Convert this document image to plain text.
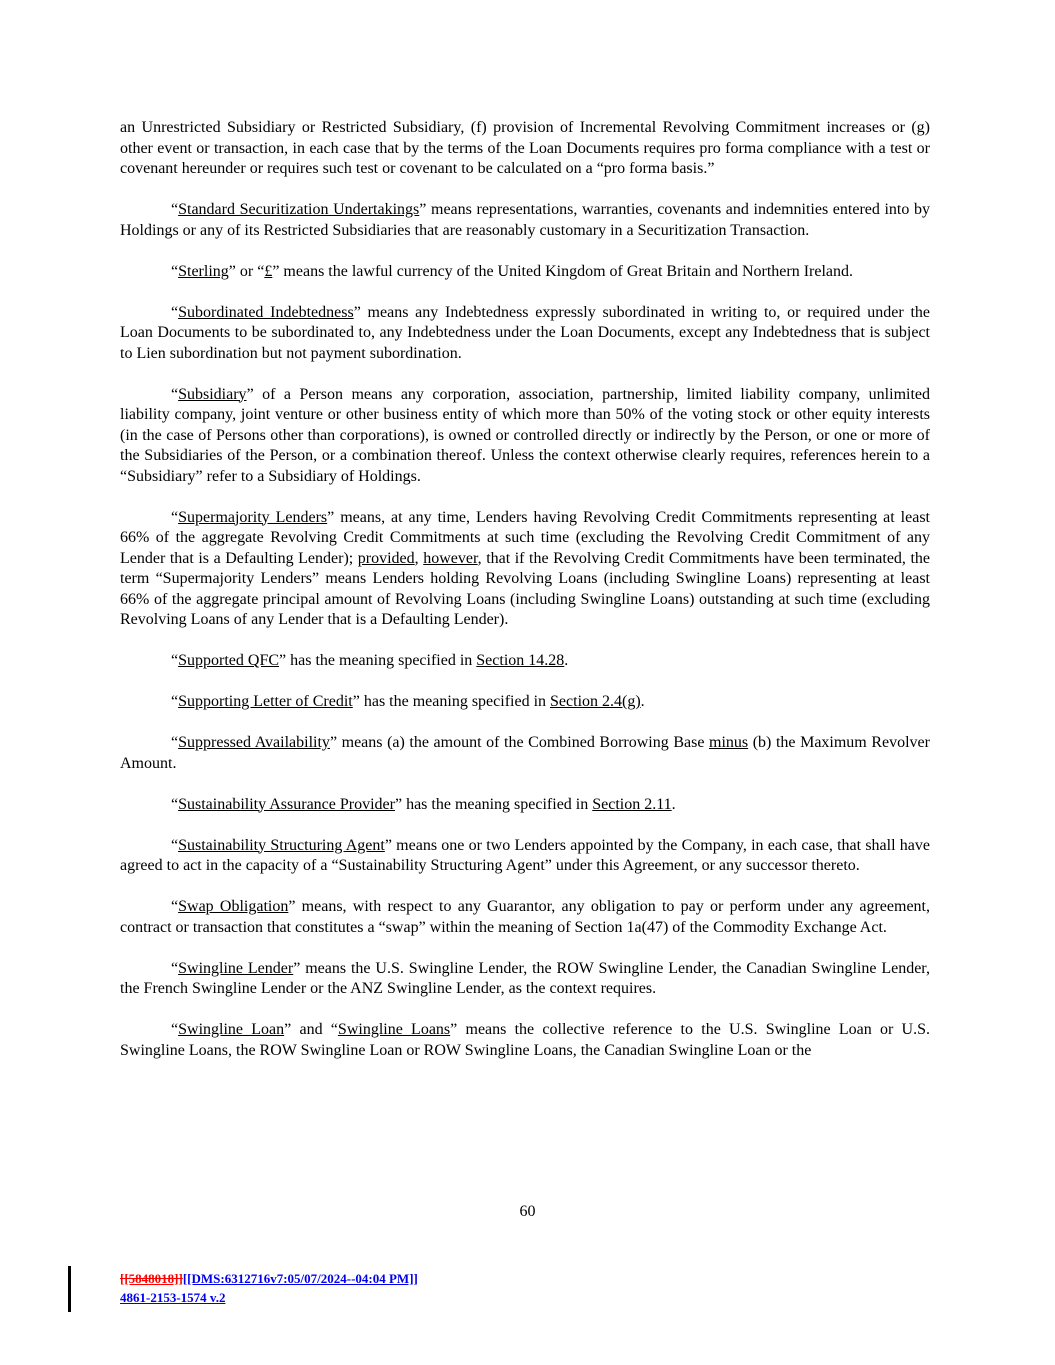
an Unrestricted Subsidiary or Restricted Subsidiary, (f) provision of Incremental Revolving Commitment increases or (g) other event or transaction, in each case that by the terms of the Loan Documents requires pro forma compliance with a test or covenant hereunder or requires such test or covenant to be calculated on a “pro forma basis.”

“Standard Securitization Undertakings” means representations, warranties, covenants and indemnities entered into by Holdings or any of its Restricted Subsidiaries that are reasonably customary in a Securitization Transaction.

“Sterling” or “£” means the lawful currency of the United Kingdom of Great Britain and Northern Ireland.

“Subordinated Indebtedness” means any Indebtedness expressly subordinated in writing to, or required under the Loan Documents to be subordinated to, any Indebtedness under the Loan Documents, except any Indebtedness that is subject to Lien subordination but not payment subordination.

“Subsidiary” of a Person means any corporation, association, partnership, limited liability company, unlimited liability company, joint venture or other business entity of which more than 50% of the voting stock or other equity interests (in the case of Persons other than corporations), is owned or controlled directly or indirectly by the Person, or one or more of the Subsidiaries of the Person, or a combination thereof. Unless the context otherwise clearly requires, references herein to a “Subsidiary” refer to a Subsidiary of Holdings.

“Supermajority Lenders” means, at any time, Lenders having Revolving Credit Commitments representing at least 66% of the aggregate Revolving Credit Commitments at such time (excluding the Revolving Credit Commitment of any Lender that is a Defaulting Lender); provided, however, that if the Revolving Credit Commitments have been terminated, the term “Supermajority Lenders” means Lenders holding Revolving Loans (including Swingline Loans) representing at least 66% of the aggregate principal amount of Revolving Loans (including Swingline Loans) outstanding at such time (excluding Revolving Loans of any Lender that is a Defaulting Lender).

“Supported QFC” has the meaning specified in Section 14.28.

“Supporting Letter of Credit” has the meaning specified in Section 2.4(g).

“Suppressed Availability” means (a) the amount of the Combined Borrowing Base minus (b) the Maximum Revolver Amount.

“Sustainability Assurance Provider” has the meaning specified in Section 2.11.

“Sustainability Structuring Agent” means one or two Lenders appointed by the Company, in each case, that shall have agreed to act in the capacity of a “Sustainability Structuring Agent” under this Agreement, or any successor thereto.

“Swap Obligation” means, with respect to any Guarantor, any obligation to pay or perform under any agreement, contract or transaction that constitutes a “swap” within the meaning of Section 1a(47) of the Commodity Exchange Act.

“Swingline Lender” means the U.S. Swingline Lender, the ROW Swingline Lender, the Canadian Swingline Lender, the French Swingline Lender or the ANZ Swingline Lender, as the context requires.

“Swingline Loan” and “Swingline Loans” means the collective reference to the U.S. Swingline Loan or U.S. Swingline Loans, the ROW Swingline Loan or ROW Swingline Loans, the Canadian Swingline Loan or the

60
[[5848018]][[DMS:6312716v7:05/07/2024--04:04 PM]]
4861-2153-1574 v.2
